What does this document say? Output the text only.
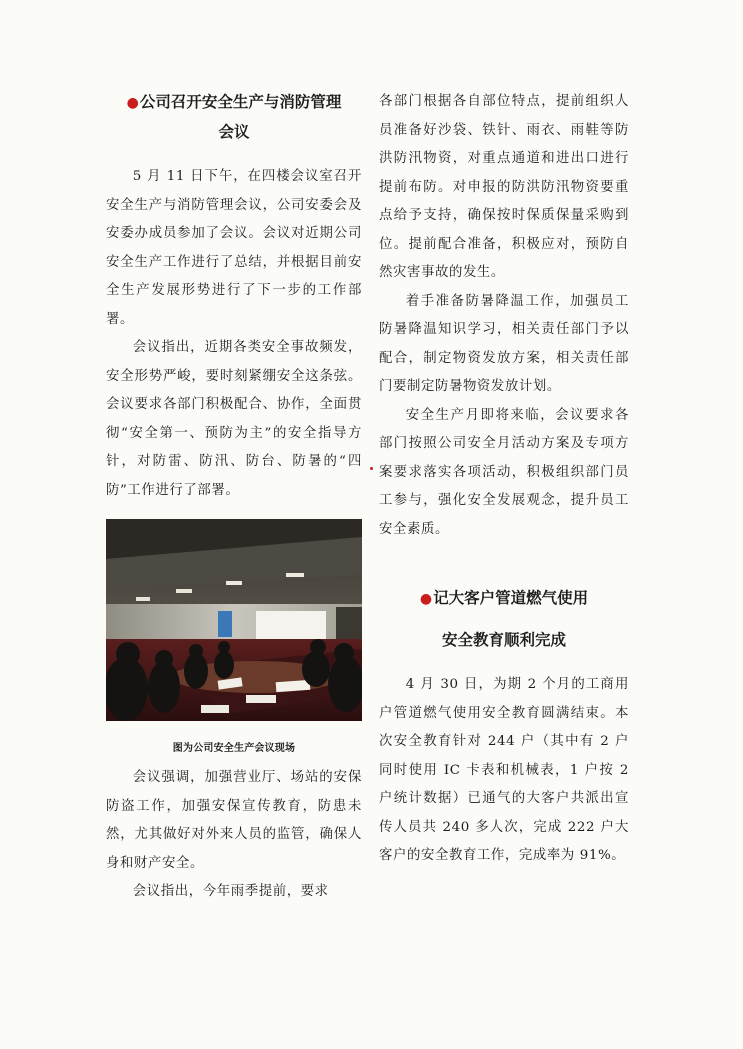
●公司召开安全生产与消防管理
会议

5 月 11 日下午，在四楼会议室召开安全生产与消防管理会议，公司安委会及安委办成员参加了会议。会议对近期公司安全生产工作进行了总结，并根据目前安全生产发展形势进行了下一步的工作部署。

会议指出，近期各类安全事故频发，安全形势严峻，要时刻紧绷安全这条弦。会议要求各部门积极配合、协作，全面贯彻“安全第一、预防为主”的安全指导方针，对防雷、防汛、防台、防暑的“四防”工作进行了部署。

图为公司安全生产会议现场

会议强调，加强营业厅、场站的安保防盗工作，加强安保宣传教育，防患未然，尤其做好对外来人员的监管，确保人身和财产安全。

会议指出，今年雨季提前，要求

各部门根据各自部位特点，提前组织人员准备好沙袋、铁针、雨衣、雨鞋等防洪防汛物资，对重点通道和进出口进行提前布防。对申报的防洪防汛物资要重点给予支持，确保按时保质保量采购到位。提前配合准备，积极应对，预防自然灾害事故的发生。

着手准备防暑降温工作，加强员工防暑降温知识学习，相关责任部门予以配合，制定物资发放方案，相关责任部门要制定防暑物资发放计划。

安全生产月即将来临，会议要求各部门按照公司安全月活动方案及专项方案要求落实各项活动，积极组织部门员工参与，强化安全发展观念，提升员工安全素质。

●记大客户管道燃气使用
安全教育顺利完成

4 月 30 日，为期 2 个月的工商用户管道燃气使用安全教育圆满结束。本次安全教育针对 244 户（其中有 2 户同时使用 IC 卡表和机械表，1 户按 2 户统计数据）已通气的大客户共派出宣传人员共 240 多人次，完成 222 户大客户的安全教育工作，完成率为 91%。
